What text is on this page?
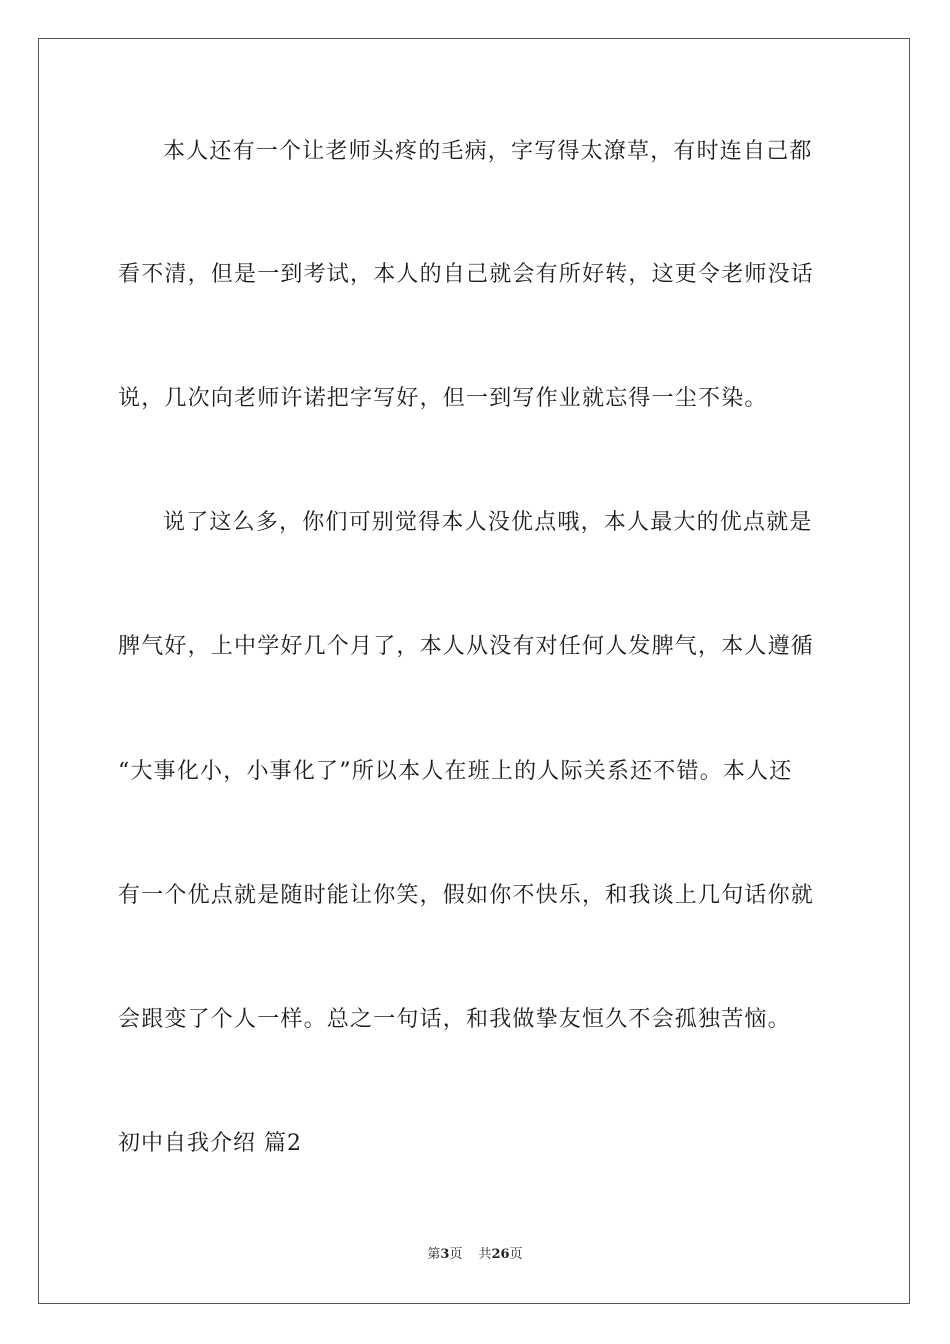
本人还有一个让老师头疼的毛病，字写得太潦草，有时连自己都
看不清，但是一到考试，本人的自己就会有所好转，这更令老师没话
说，几次向老师许诺把字写好，但一到写作业就忘得一尘不染。
说了这么多，你们可别觉得本人没优点哦，本人最大的优点就是
脾气好，上中学好几个月了，本人从没有对任何人发脾气，本人遵循
“大事化小，小事化了”所以本人在班上的人际关系还不错。本人还
有一个优点就是随时能让你笑，假如你不快乐，和我谈上几句话你就
会跟变了个人一样。总之一句话，和我做挚友恒久不会孤独苦恼。
初中自我介绍 篇2
第3页 共26页
